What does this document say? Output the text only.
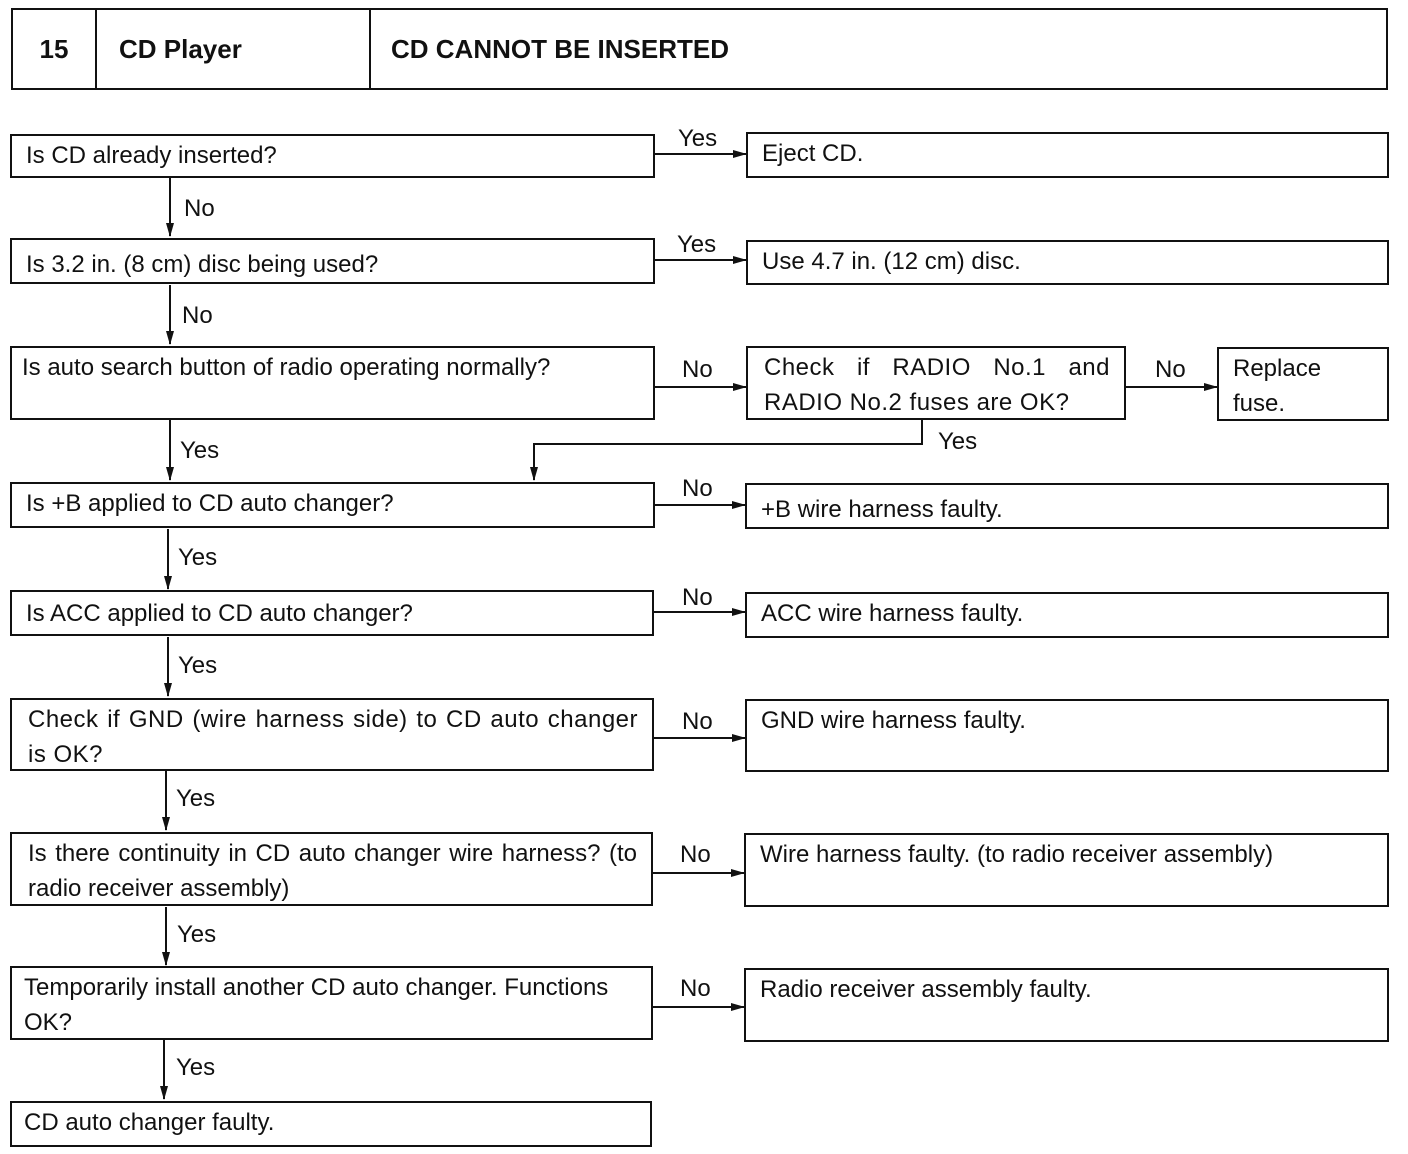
15	CD Player	CD CANNOT BE INSERTED
Is CD already inserted?	Eject CD.
Is 3.2 in. (8 cm) disc being used?	Use 4.7 in. (12 cm) disc.
Is auto search button of radio operating normally?	Check if RADIO No.1 and RADIO No.2 fuses are OK?
Replace fuse.
Is +B applied to CD auto changer?	+B wire harness faulty.
Is ACC applied to CD auto changer?	ACC wire harness faulty.
Check if GND (wire harness side) to CD auto changer is OK?
GND wire harness faulty.
Is there continuity in CD auto changer wire harness? (to radio receiver assembly)
Wire harness faulty. (to radio receiver assembly)
Temporarily install another CD auto changer. Functions OK?
Radio receiver assembly faulty.
CD auto changer faulty.
Yes
No
Yes
No
No	No
Yes
Yes
No
Yes
No
Yes
No
Yes
No
Yes
No
Yes
